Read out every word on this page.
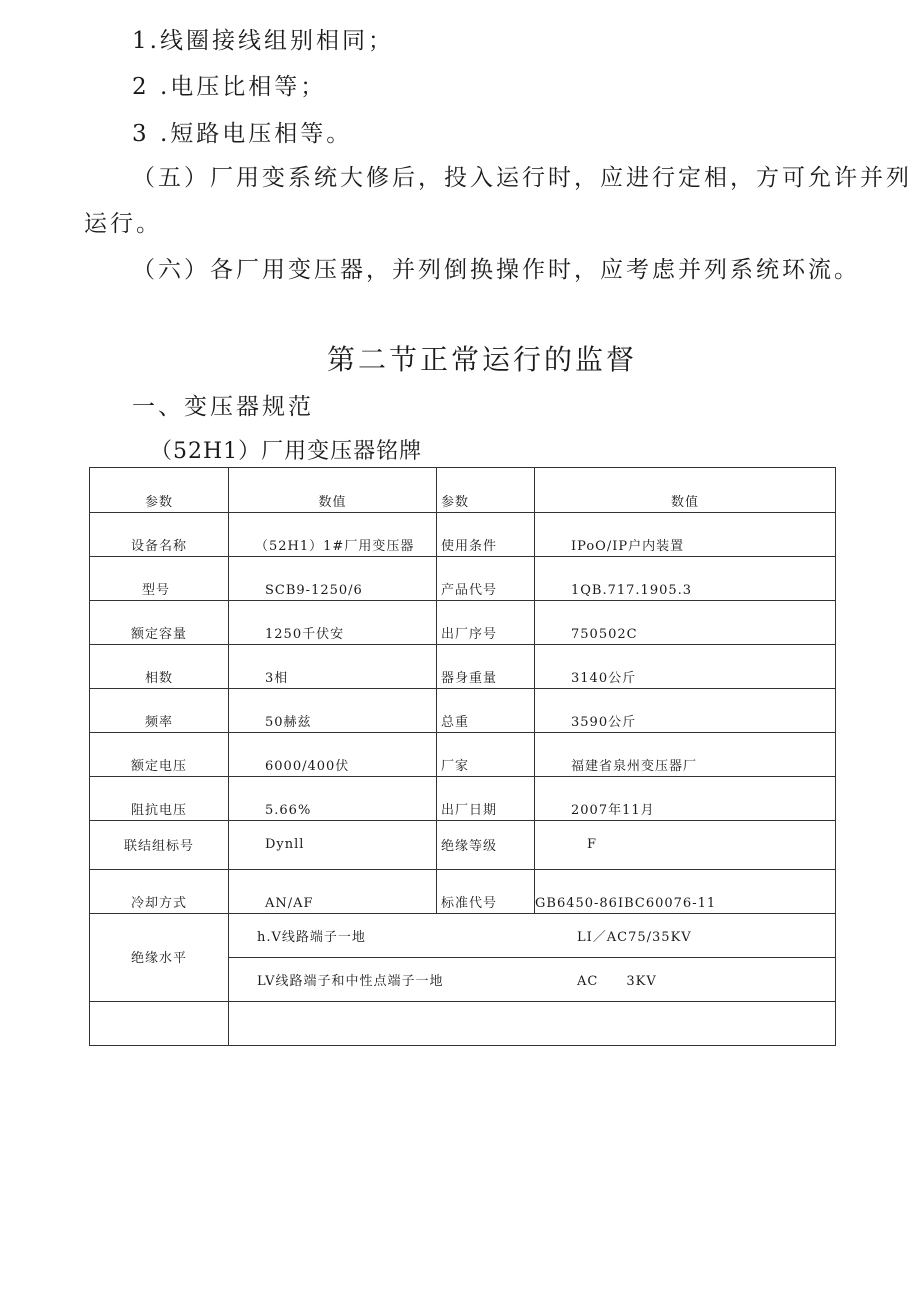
1.线圈接线组别相同；
2 .电压比相等；
3 .短路电压相等。
（五）厂用变系统大修后，投入运行时，应进行定相，方可允许并列
运行。
（六）各厂用变压器，并列倒换操作时，应考虑并列系统环流。
第二节正常运行的监督
一、变压器规范
（52H1）厂用变压器铭牌
参数	数值	参数	数值

设备名称	（52H1）1#厂用变压器	使用条件	IPoO/IP户内装置

型号	SCB9-1250/6	产品代号	1QB.717.1905.3

额定容量	1250千伏安	出厂序号	750502C

相数	3相	器身重量	3140公斤

频率	50赫兹	总重	3590公斤

额定电压	6000/400伏	厂家	福建省泉州变压器厂

阻抗电压	5.66%	出厂日期	2007年11月

联结组标号	Dynll	绝缘等级	F

冷却方式	AN/AF	标准代号	GB6450-86IBC60076-11

绝缘水平	h.V线路端子一地 LI／AC75/35KV		

	LV线路端子和中性点端子一地 AC　　3KV		
